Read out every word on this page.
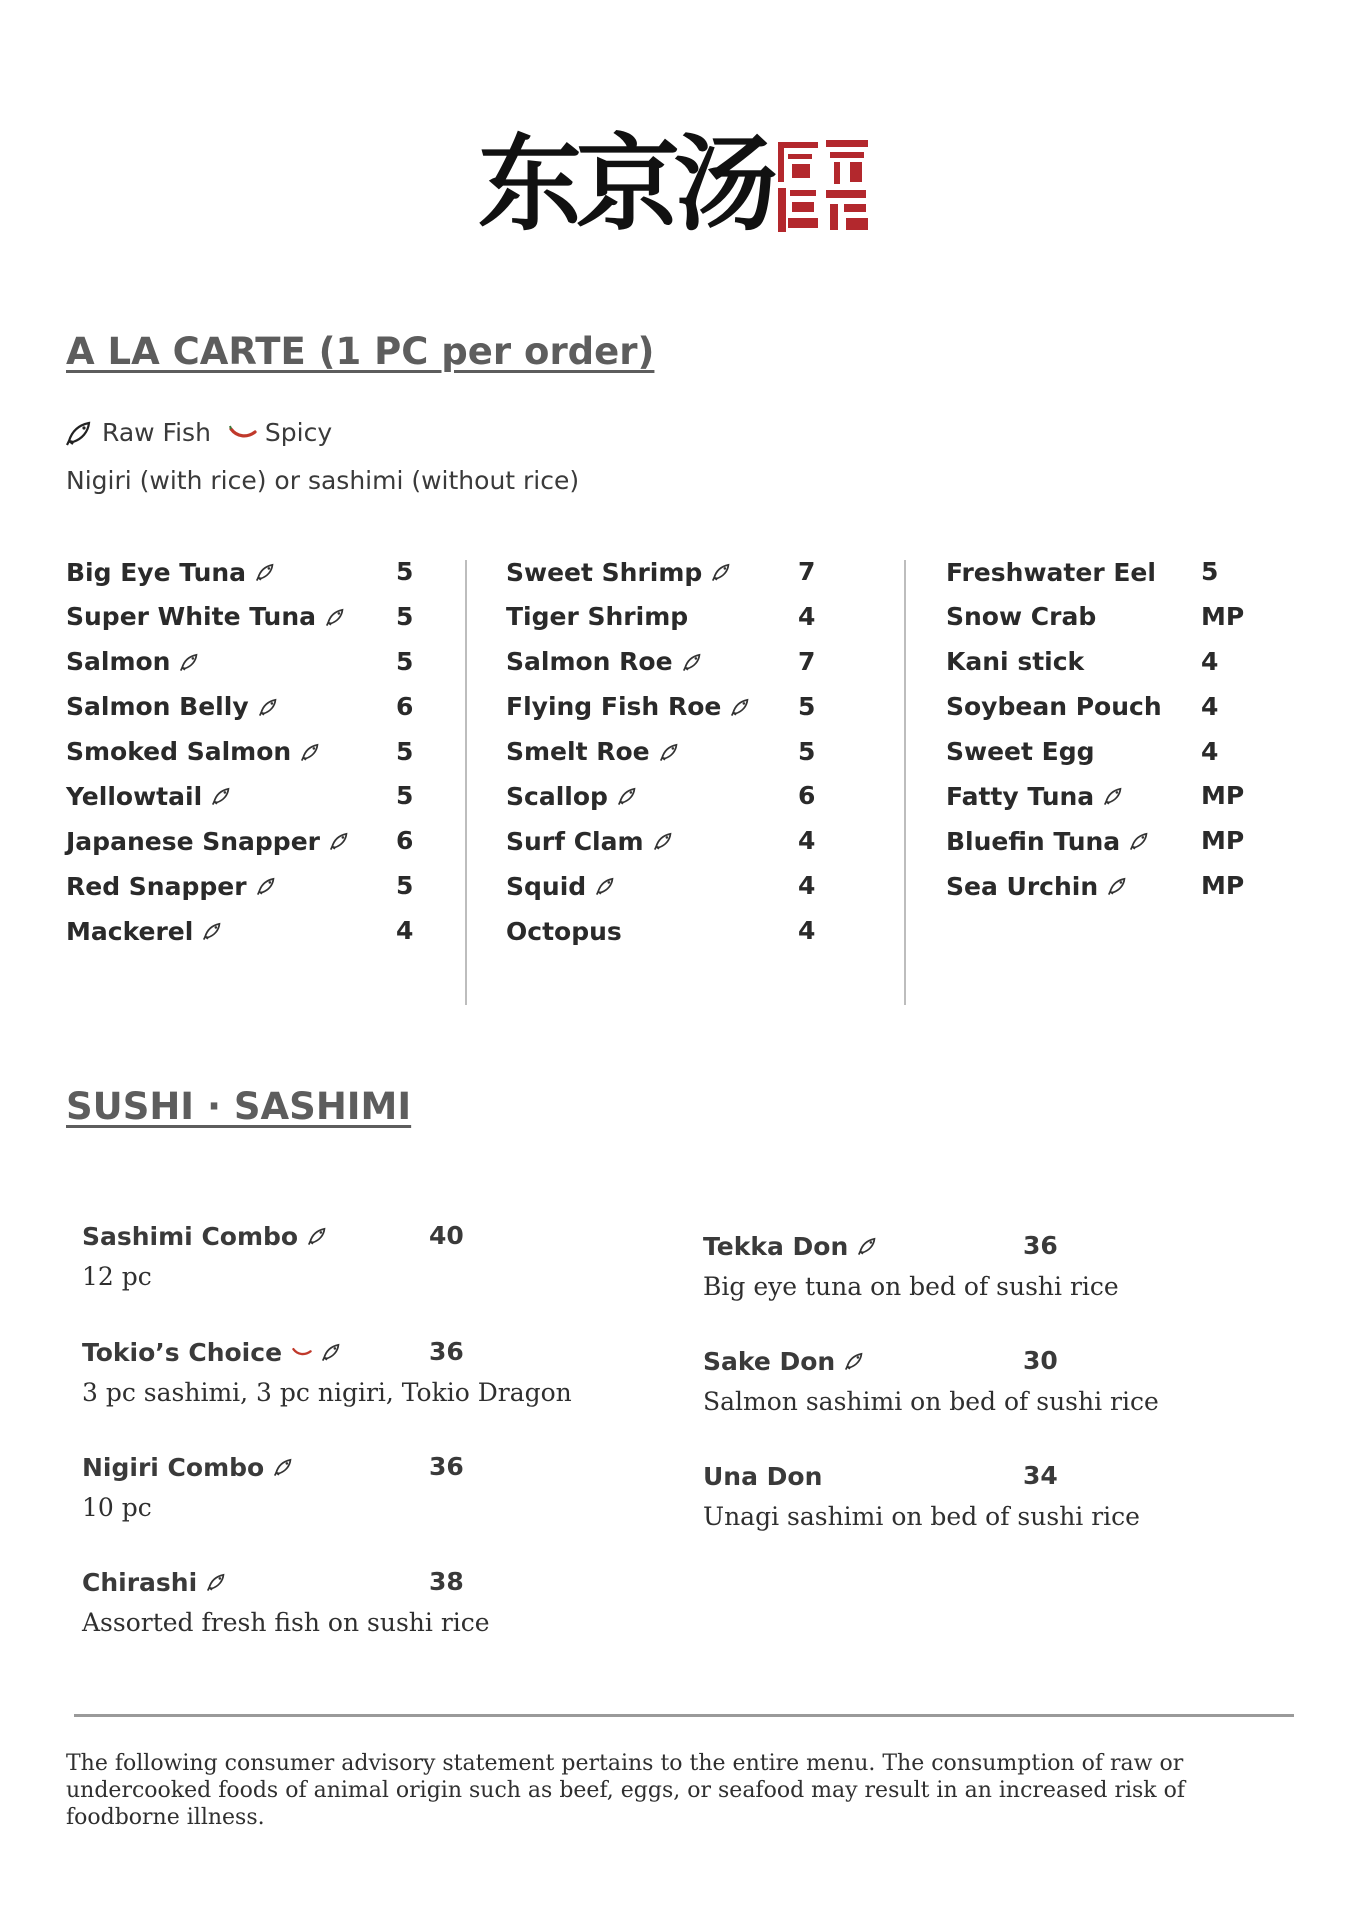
东京汤
A LA CARTE (1 PC per order)
Raw Fish Spicy
Nigiri (with rice) or sashimi (without rice)
Big Eye Tuna	5
Super White Tuna	5
Salmon	5
Salmon Belly	6
Smoked Salmon	5
Yellowtail	5
Japanese Snapper	6
Red Snapper	5
Mackerel	4
Sweet Shrimp	7
Tiger Shrimp	4
Salmon Roe	7
Flying Fish Roe	5
Smelt Roe	5
Scallop	6
Surf Clam	4
Squid	4
Octopus	4
Freshwater Eel 5
Snow Crab	MP
Kani stick	4
Soybean Pouch 4
Sweet Egg	4
Fatty Tuna	MP
Bluefin Tuna	MP
Sea Urchin	MP
SUSHI · SASHIMI
Sashimi Combo	40
12 pc
Tokio’s Choice	36
3 pc sashimi, 3 pc nigiri, Tokio Dragon
Nigiri Combo	36
10 pc
Chirashi	38
Assorted fresh fish on sushi rice
Tekka Don	36
Big eye tuna on bed of sushi rice
Sake Don	30
Salmon sashimi on bed of sushi rice
Una Don	34
Unagi sashimi on bed of sushi rice
The following consumer advisory statement pertains to the entire menu. The consumption of raw or undercooked foods of animal origin such as beef, eggs, or seafood may result in an increased risk of foodborne illness.
